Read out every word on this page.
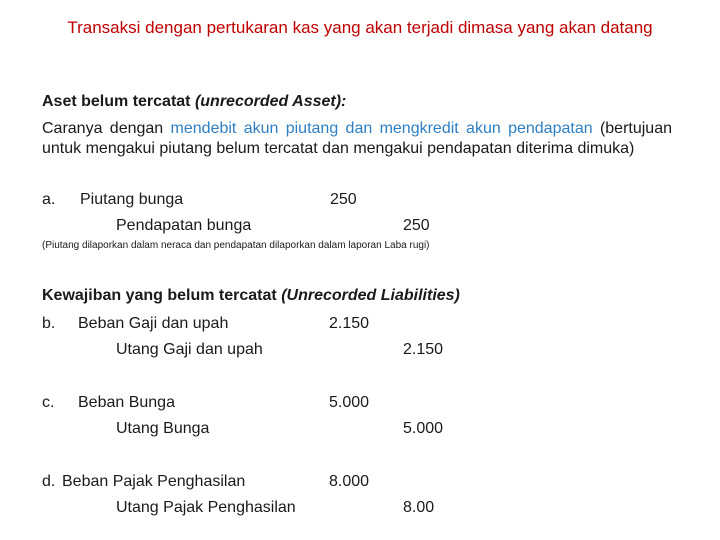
Transaksi dengan pertukaran kas yang akan terjadi dimasa yang akan datang
Aset belum tercatat (unrecorded Asset):
Caranya dengan mendebit akun piutang dan mengkredit akun pendapatan (bertujuan untuk mengakui piutang belum tercatat dan mengakui pendapatan diterima dimuka)
a. Piutang bunga	250
Pendapatan bunga	250
(Piutang dilaporkan dalam neraca dan pendapatan dilaporkan dalam laporan Laba rugi)
Kewajiban yang belum tercatat (Unrecorded Liabilities)
b. Beban Gaji dan upah	2.150
Utang Gaji dan upah	2.150
c. Beban Bunga	5.000
Utang Bunga	5.000
d. Beban Pajak Penghasilan	8.000
Utang Pajak Penghasilan	8.00
